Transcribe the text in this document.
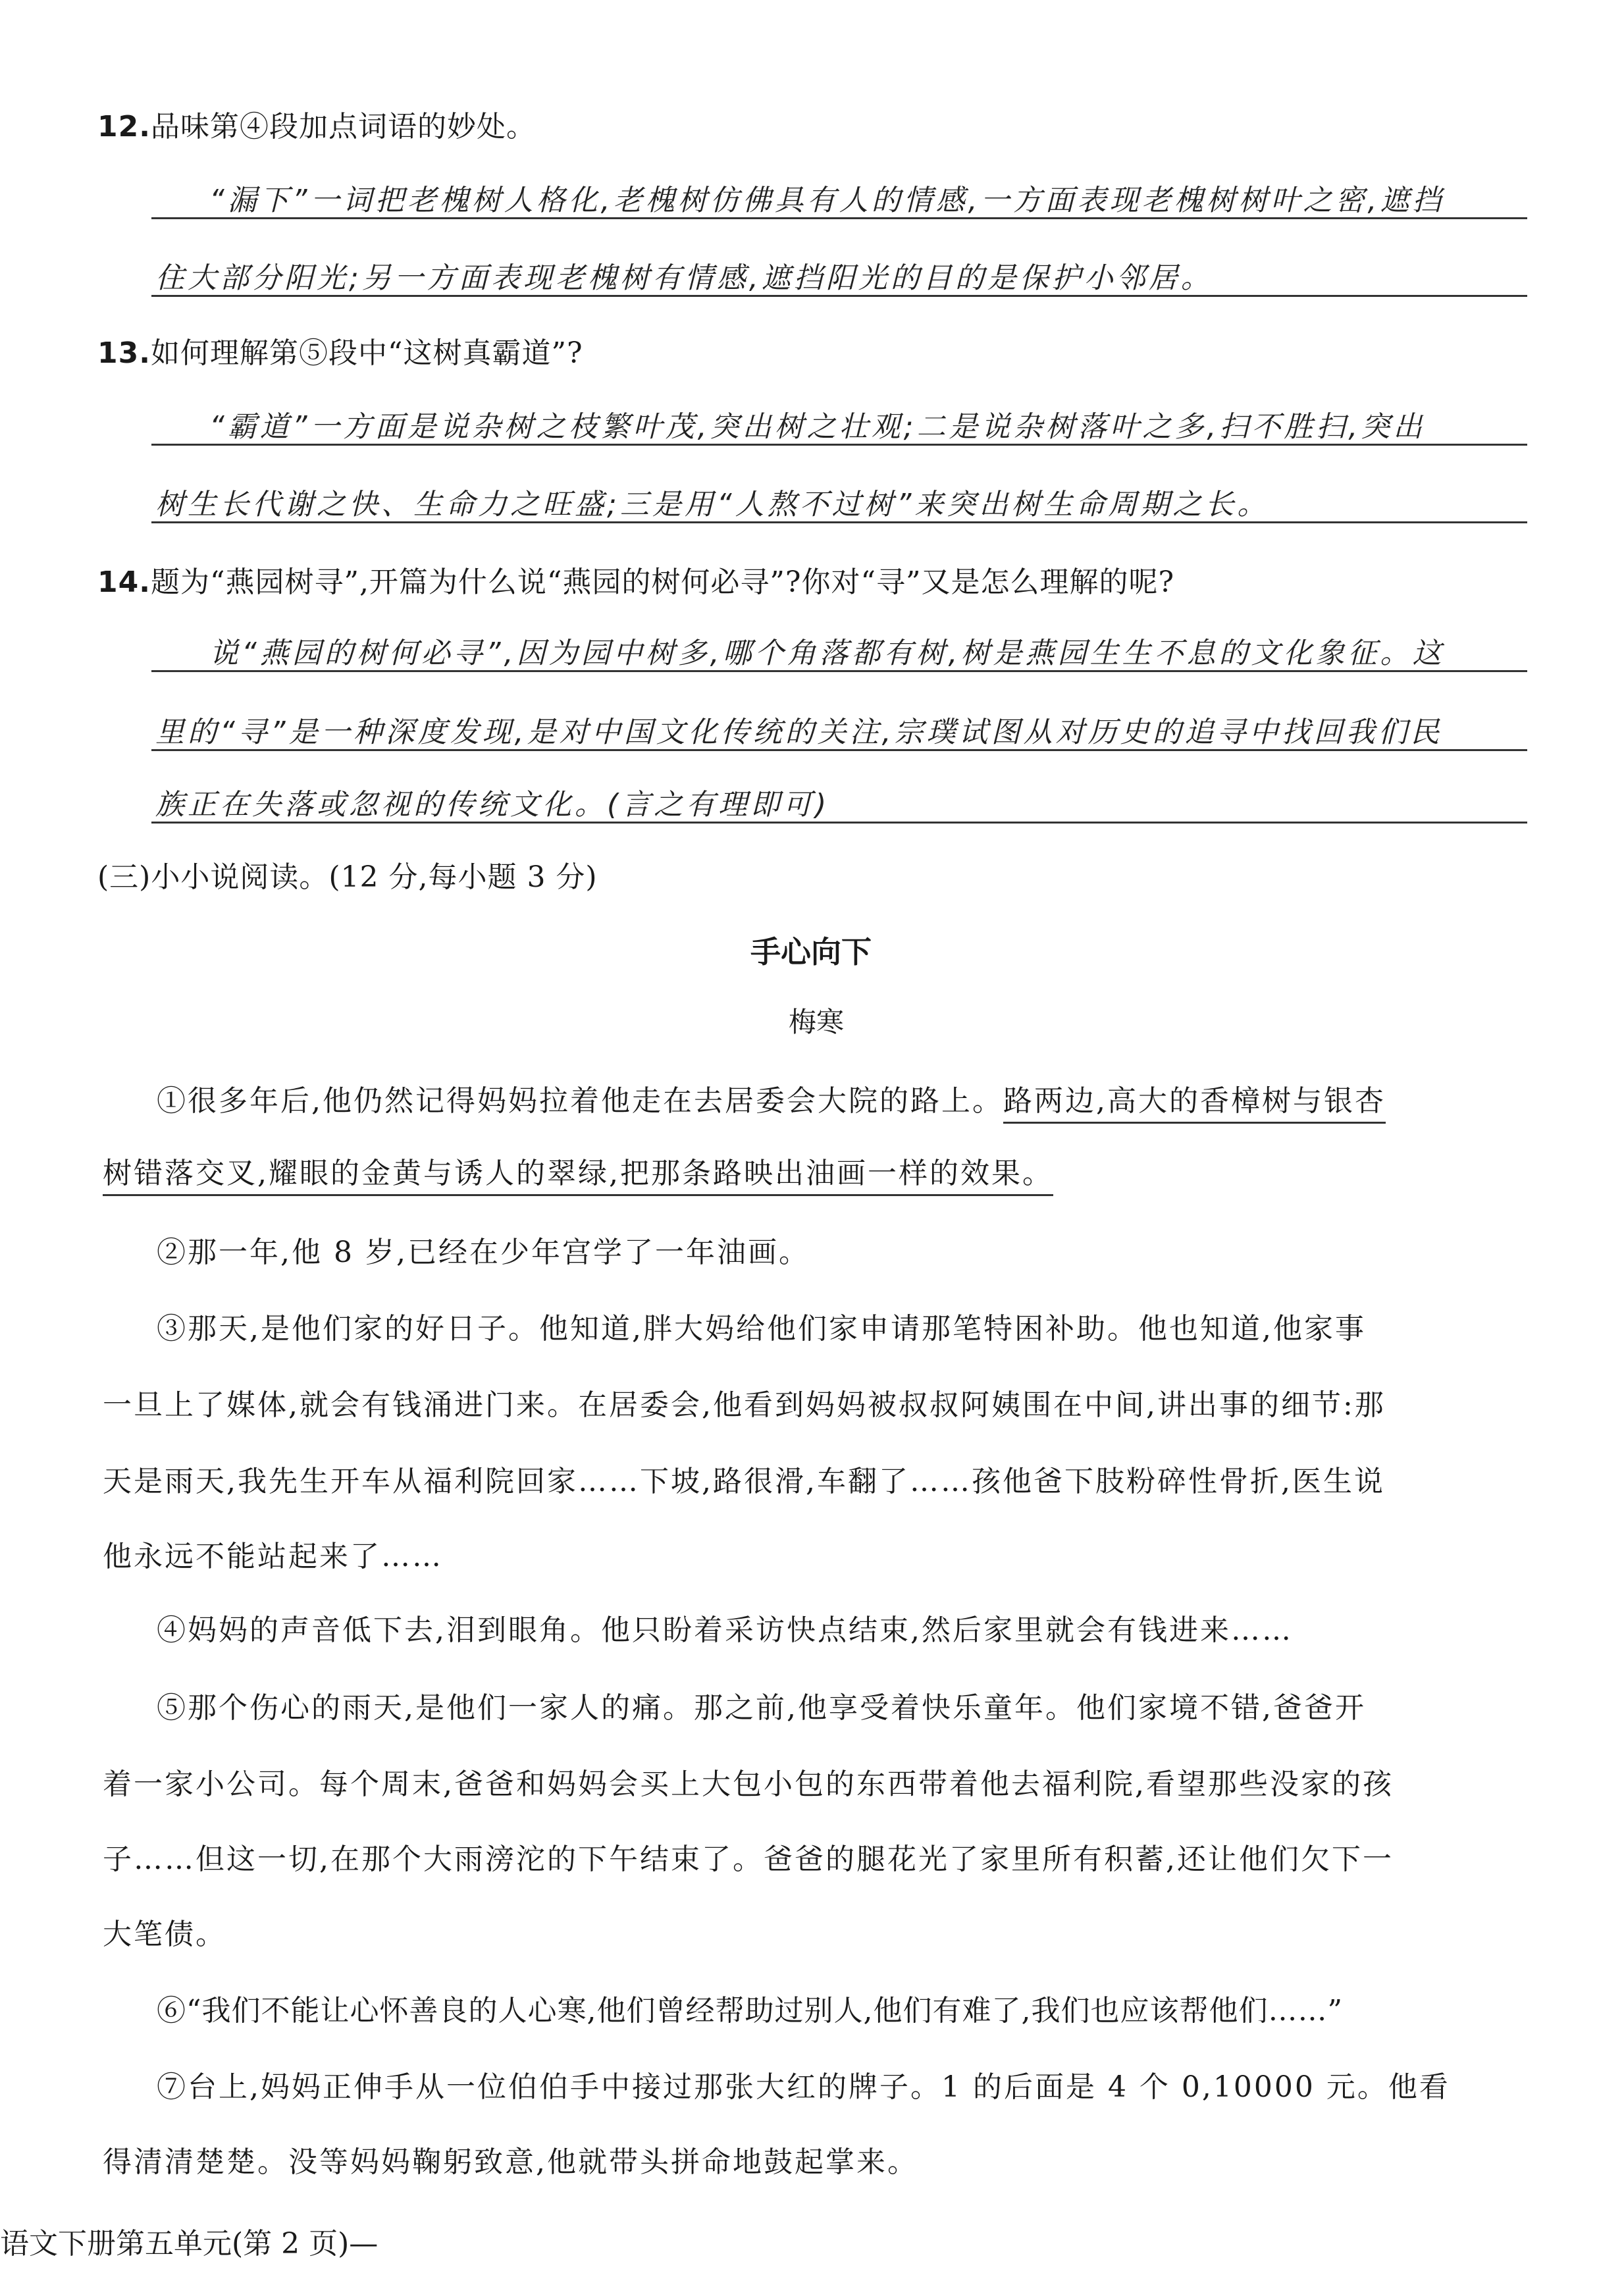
12.品味第④段加点词语的妙处。
“漏下”一词把老槐树人格化,老槐树仿佛具有人的情感,一方面表现老槐树树叶之密,遮挡
住大部分阳光;另一方面表现老槐树有情感,遮挡阳光的目的是保护小邻居。
13.如何理解第⑤段中“这树真霸道”?
“霸道”一方面是说杂树之枝繁叶茂,突出树之壮观;二是说杂树落叶之多,扫不胜扫,突出
树生长代谢之快、生命力之旺盛;三是用“人熬不过树”来突出树生命周期之长。
14.题为“燕园树寻”,开篇为什么说“燕园的树何必寻”?你对“寻”又是怎么理解的呢?
说“燕园的树何必寻”,因为园中树多,哪个角落都有树,树是燕园生生不息的文化象征。这
里的“寻”是一种深度发现,是对中国文化传统的关注,宗璞试图从对历史的追寻中找回我们民
族正在失落或忽视的传统文化。(言之有理即可)
(三)小小说阅读。(12 分,每小题 3 分)
手心向下
梅寒
①很多年后,他仍然记得妈妈拉着他走在去居委会大院的路上。路两边,高大的香樟树与银杏
树错落交叉,耀眼的金黄与诱人的翠绿,把那条路映出油画一样的效果。
②那一年,他 8 岁,已经在少年宫学了一年油画。
③那天,是他们家的好日子。他知道,胖大妈给他们家申请那笔特困补助。他也知道,他家事
一旦上了媒体,就会有钱涌进门来。在居委会,他看到妈妈被叔叔阿姨围在中间,讲出事的细节:那
天是雨天,我先生开车从福利院回家……下坡,路很滑,车翻了……孩他爸下肢粉碎性骨折,医生说
他永远不能站起来了……
④妈妈的声音低下去,泪到眼角。他只盼着采访快点结束,然后家里就会有钱进来……
⑤那个伤心的雨天,是他们一家人的痛。那之前,他享受着快乐童年。他们家境不错,爸爸开
着一家小公司。每个周末,爸爸和妈妈会买上大包小包的东西带着他去福利院,看望那些没家的孩
子……但这一切,在那个大雨滂沱的下午结束了。爸爸的腿花光了家里所有积蓄,还让他们欠下一
大笔债。
⑥“我们不能让心怀善良的人心寒,他们曾经帮助过别人,他们有难了,我们也应该帮他们……”
⑦台上,妈妈正伸手从一位伯伯手中接过那张大红的牌子。1 的后面是 4 个 0,10000 元。他看
得清清楚楚。没等妈妈鞠躬致意,他就带头拼命地鼓起掌来。
语文下册第五单元(第 2 页)—
